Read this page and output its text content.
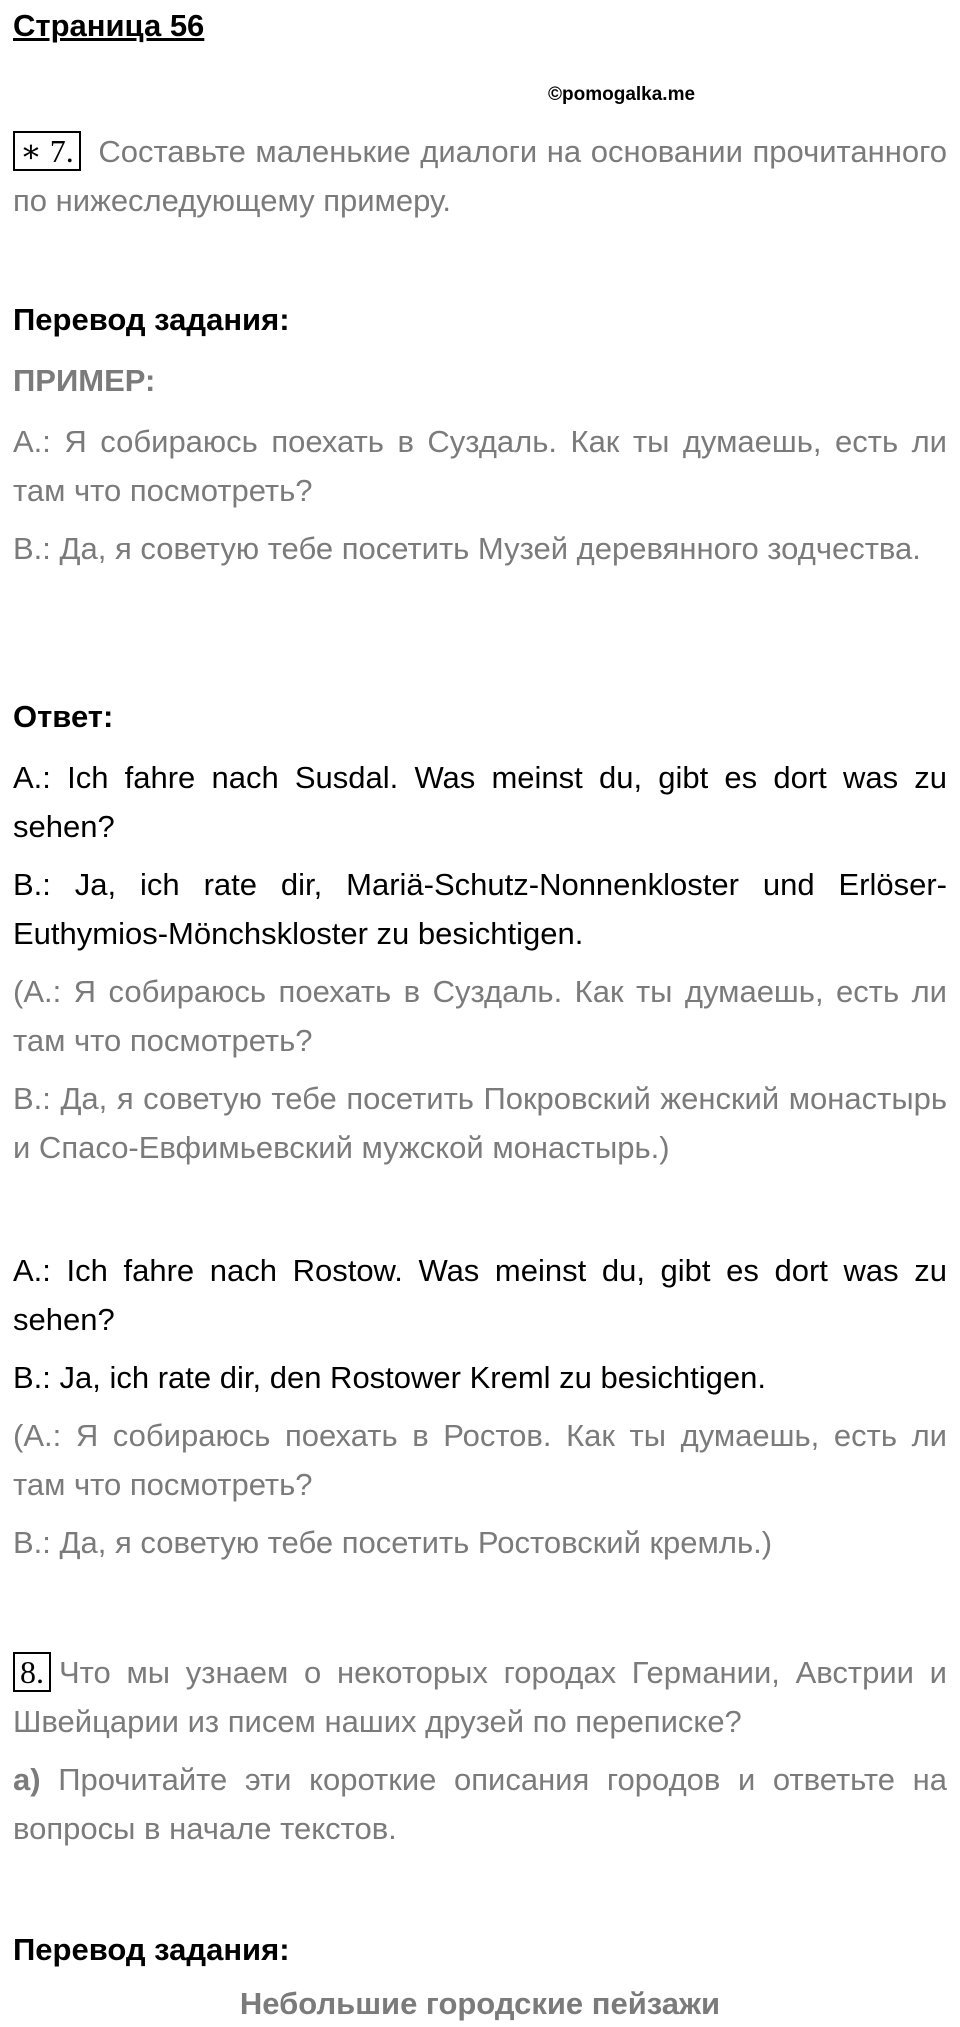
Страница 56
©pomogalka.me

∗ 7. Составьте маленькие диалоги на основании прочитанного по нижеследующему примеру.

Перевод задания:
ПРИМЕР:

А.: Я собираюсь поехать в Суздаль. Как ты думаешь, есть ли там что посмотреть?

В.: Да, я советую тебе посетить Музей деревянного зодчества.

Ответ:

A.: Ich fahre nach Susdal. Was meinst du, gibt es dort was zu sehen?

B.: Ja, ich rate dir, Mariä-Schutz-Nonnenkloster und Erlöser-Euthymios-Mönchskloster zu besichtigen.

(А.: Я собираюсь поехать в Суздаль. Как ты думаешь, есть ли там что посмотреть?

В.: Да, я советую тебе посетить Покровский женский монастырь и Спасо-Евфимьевский мужской монастырь.)

A.: Ich fahre nach Rostow. Was meinst du, gibt es dort was zu sehen?

B.: Ja, ich rate dir, den Rostower Kreml zu besichtigen.

(А.: Я собираюсь поехать в Ростов. Как ты думаешь, есть ли там что посмотреть?

В.: Да, я советую тебе посетить Ростовский кремль.)

8. Что мы узнаем о некоторых городах Германии, Австрии и Швейцарии из писем наших друзей по переписке?

а) Прочитайте эти короткие описания городов и ответьте на вопросы в начале текстов.

Перевод задания:
Небольшие городские пейзажи
